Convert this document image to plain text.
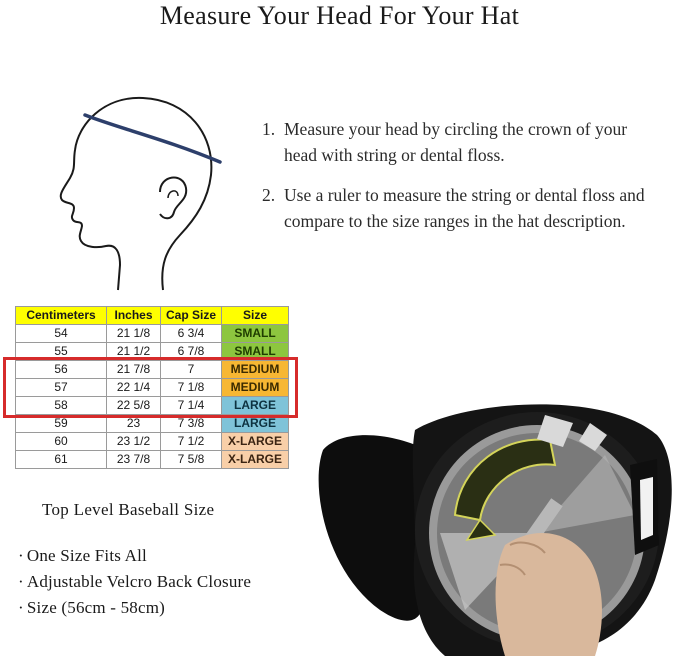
Measure Your Head For Your Hat
1. Measure your head by circling the crown of your head with string or dental floss.
2. Use a ruler to measure the string or dental floss and compare to the size ranges in the hat description.
Centimeters	Inches	Cap Size	Size
54	21 1/8	6 3/4	SMALL
55	21 1/2	6 7/8	SMALL
56	21 7/8	7	MEDIUM
57	22 1/4	7 1/8	MEDIUM
58	22 5/8	7 1/4	LARGE
59	23	7 3/8	LARGE
60	23 1/2	7 1/2	X-LARGE
61	23 7/8	7 5/8	X-LARGE
Top Level Baseball Size
· One Size Fits All
· Adjustable Velcro Back Closure
· Size (56cm - 58cm)
